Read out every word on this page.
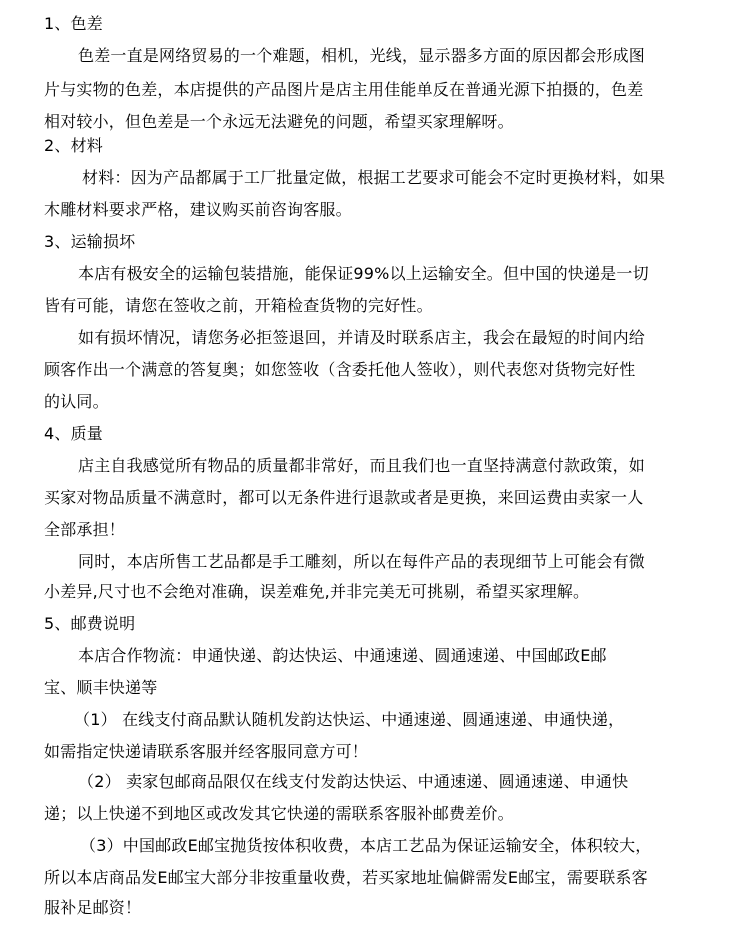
1、色差
色差一直是网络贸易的一个难题，相机，光线，显示器多方面的原因都会形成图
片与实物的色差，本店提供的产品图片是店主用佳能单反在普通光源下拍摄的，色差
相对较小，但色差是一个永远无法避免的问题，希望买家理解呀。
2、材料
材料：因为产品都属于工厂批量定做，根据工艺要求可能会不定时更换材料，如果
木雕材料要求严格，建议购买前咨询客服。
3、运输损坏
本店有极安全的运输包装措施，能保证99%以上运输安全。但中国的快递是一切
皆有可能，请您在签收之前，开箱检查货物的完好性。
如有损坏情况，请您务必拒签退回，并请及时联系店主，我会在最短的时间内给
顾客作出一个满意的答复奥；如您签收（含委托他人签收），则代表您对货物完好性
的认同。
4、质量
店主自我感觉所有物品的质量都非常好，而且我们也一直坚持满意付款政策，如
买家对物品质量不满意时，都可以无条件进行退款或者是更换，来回运费由卖家一人
全部承担！
同时，本店所售工艺品都是手工雕刻，所以在每件产品的表现细节上可能会有微
小差异,尺寸也不会绝对准确，误差难免,并非完美无可挑剔，希望买家理解。
5、邮费说明
本店合作物流：申通快递、韵达快运、中通速递、圆通速递、中国邮政E邮
宝、顺丰快递等
（1） 在线支付商品默认随机发韵达快运、中通速递、圆通速递、申通快递，
如需指定快递请联系客服并经客服同意方可！
（2） 卖家包邮商品限仅在线支付发韵达快运、中通速递、圆通速递、申通快
递；以上快递不到地区或改发其它快递的需联系客服补邮费差价。
（3）中国邮政E邮宝抛货按体积收费，本店工艺品为保证运输安全，体积较大，
所以本店商品发E邮宝大部分非按重量收费，若买家地址偏僻需发E邮宝，需要联系客
服补足邮资！
